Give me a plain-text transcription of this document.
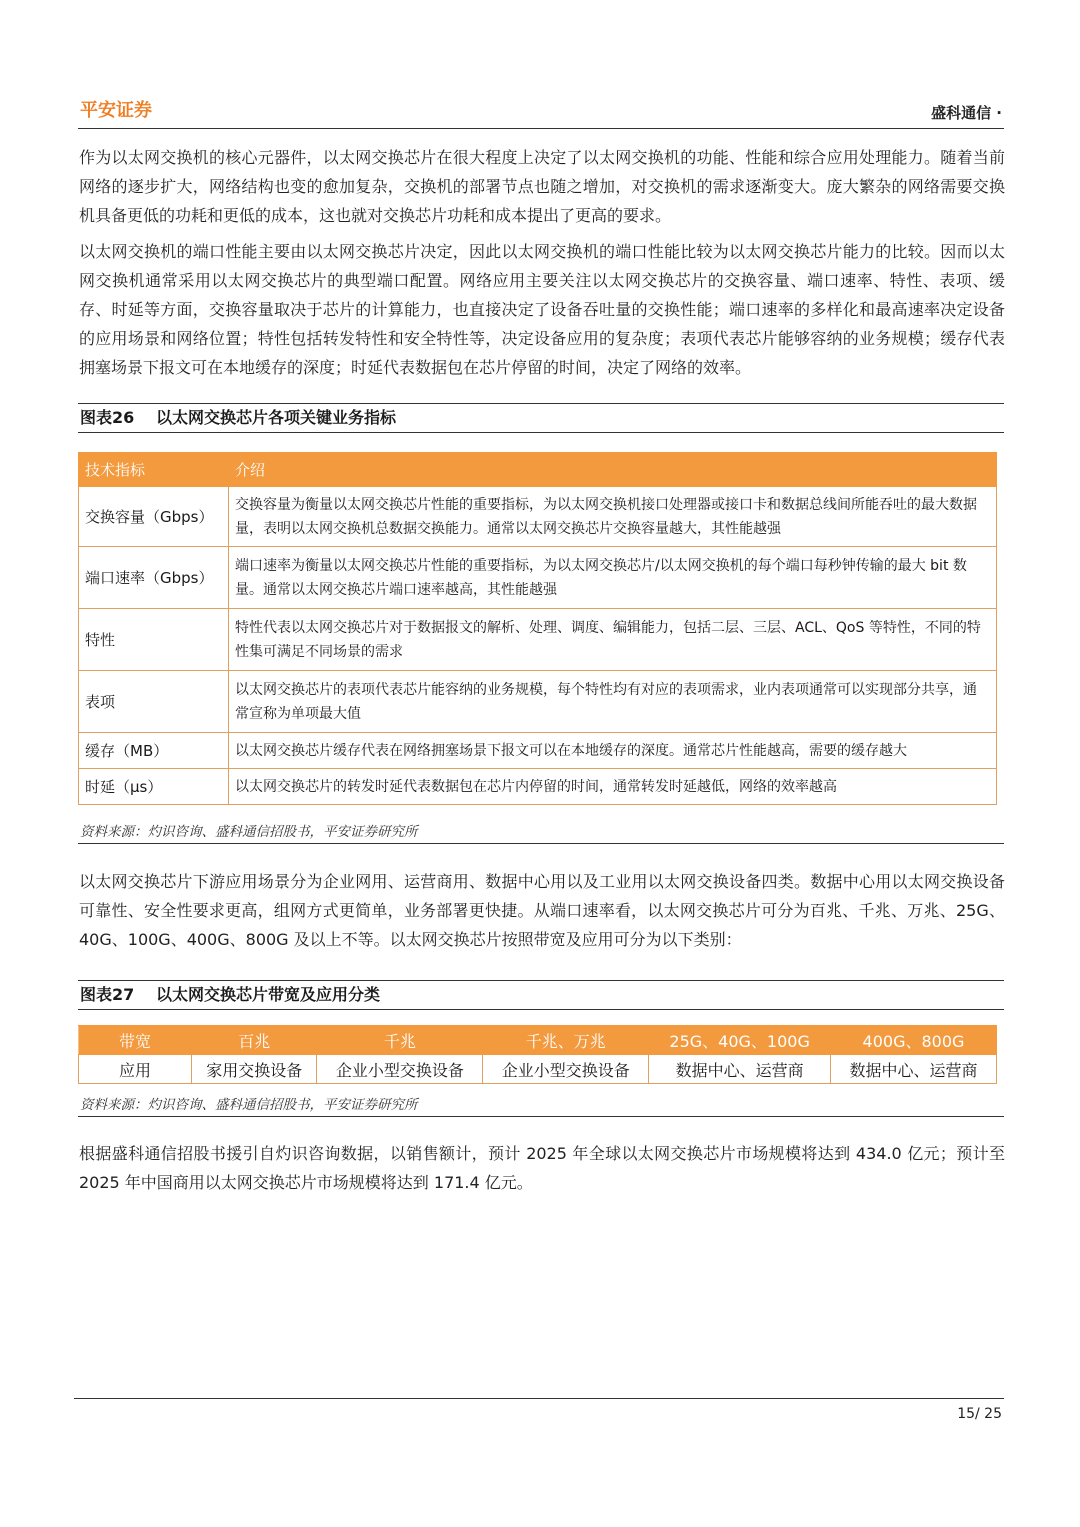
平安证券	盛科通信 ·

作为以太网交换机的核心元器件，以太网交换芯片在很大程度上决定了以太网交换机的功能、性能和综合应用处理能力。随着当前网络的逐步扩大，网络结构也变的愈加复杂，交换机的部署节点也随之增加，对交换机的需求逐渐变大。庞大繁杂的网络需要交换机具备更低的功耗和更低的成本，这也就对交换芯片功耗和成本提出了更高的要求。

以太网交换机的端口性能主要由以太网交换芯片决定，因此以太网交换机的端口性能比较为以太网交换芯片能力的比较。因而以太网交换机通常采用以太网交换芯片的典型端口配置。网络应用主要关注以太网交换芯片的交换容量、端口速率、特性、表项、缓存、时延等方面，交换容量取决于芯片的计算能力，也直接决定了设备吞吐量的交换性能；端口速率的多样化和最高速率决定设备的应用场景和网络位置；特性包括转发特性和安全特性等，决定设备应用的复杂度；表项代表芯片能够容纳的业务规模；缓存代表拥塞场景下报文可在本地缓存的深度；时延代表数据包在芯片停留的时间，决定了网络的效率。

图表26 以太网交换芯片各项关键业务指标
技术指标	介绍
交换容量（Gbps）	交换容量为衡量以太网交换芯片性能的重要指标，为以太网交换机接口处理器或接口卡和数据总线间所能吞吐的最大数据量，表明以太网交换机总数据交换能力。通常以太网交换芯片交换容量越大，其性能越强
端口速率（Gbps）	端口速率为衡量以太网交换芯片性能的重要指标，为以太网交换芯片/以太网交换机的每个端口每秒钟传输的最大 bit 数量。通常以太网交换芯片端口速率越高，其性能越强
特性	特性代表以太网交换芯片对于数据报文的解析、处理、调度、编辑能力，包括二层、三层、ACL、QoS 等特性，不同的特性集可满足不同场景的需求
表项	以太网交换芯片的表项代表芯片能容纳的业务规模，每个特性均有对应的表项需求，业内表项通常可以实现部分共享，通常宣称为单项最大值
缓存（MB）	以太网交换芯片缓存代表在网络拥塞场景下报文可以在本地缓存的深度。通常芯片性能越高，需要的缓存越大
时延（μs）	以太网交换芯片的转发时延代表数据包在芯片内停留的时间，通常转发时延越低，网络的效率越高
资料来源：灼识咨询、盛科通信招股书，平安证券研究所

以太网交换芯片下游应用场景分为企业网用、运营商用、数据中心用以及工业用以太网交换设备四类。数据中心用以太网交换设备可靠性、安全性要求更高，组网方式更简单，业务部署更快捷。从端口速率看，以太网交换芯片可分为百兆、千兆、万兆、25G、40G、100G、400G、800G 及以上不等。以太网交换芯片按照带宽及应用可分为以下类别：

图表27 以太网交换芯片带宽及应用分类
带宽	百兆	千兆	千兆、万兆	25G、40G、100G	400G、800G
应用	家用交换设备	企业小型交换设备	企业小型交换设备	数据中心、运营商	数据中心、运营商
资料来源：灼识咨询、盛科通信招股书，平安证券研究所

根据盛科通信招股书援引自灼识咨询数据，以销售额计，预计 2025 年全球以太网交换芯片市场规模将达到 434.0 亿元；预计至 2025 年中国商用以太网交换芯片市场规模将达到 171.4 亿元。

15/ 25
